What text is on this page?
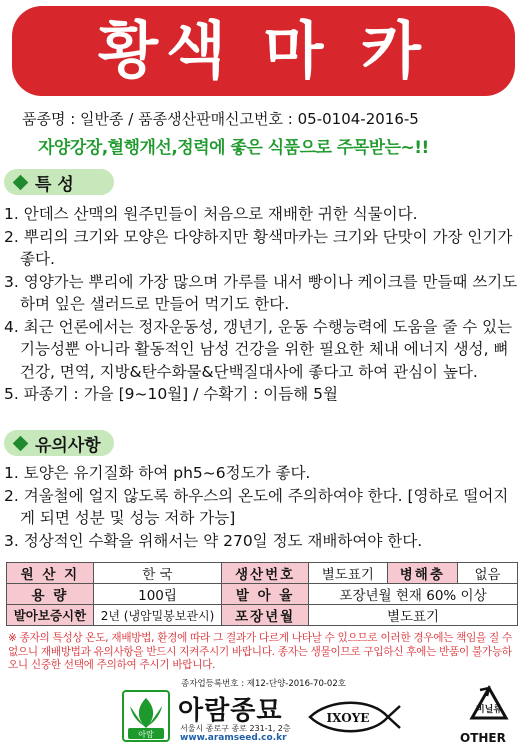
황색 마 카
품종명 : 일반종 / 품종생산판매신고번호 : 05-0104-2016-5
자양강장,혈행개선,정력에 좋은 식품으로 주목받는~!!
특 성
1. 안데스 산맥의 원주민들이 처음으로 재배한 귀한 식물이다.
2. 뿌리의 크기와 모양은 다양하지만 황색마카는 크기와 단맛이 가장 인기가 좋다.
3. 영양가는 뿌리에 가장 많으며 가루를 내서 빵이나 케이크를 만들때 쓰기도 하며 잎은 샐러드로 만들어 먹기도 한다.
4. 최근 언론에서는 정자운동성, 갱년기, 운동 수행능력에 도움을 줄 수 있는 기능성뿐 아니라 활동적인 남성 건강을 위한 필요한 체내 에너지 생성, 뼈 건강, 면역, 지방&탄수화물&단백질대사에 좋다고 하여 관심이 높다.
5. 파종기 : 가을 [9~10월] / 수확기 : 이듬해 5월
유의사항
1. 토양은 유기질화 하여 ph5~6정도가 좋다.
2. 겨울철에 얼지 않도록 하우스의 온도에 주의하여야 한다. [영하로 떨어지게 되면 성분 및 성능 저하 가능]
3. 정상적인 수확을 위해서는 약 270일 정도 재배하여야 한다.
원 산 지	한 국	생산번호	별도표기	병해충	없음
용 량	100립	발 아 율	포장년월 현재 60% 이상		
발아보증시한	2년 (냉암밀봉보관시)	포장년월	별도표기		
※ 종자의 특성상 온도, 재배방법, 환경에 따라 그 결과가 다르게 나타날 수 있으므로 이러한 경우에는 책임을 질 수 없으니 재배방법과 유의사항을 반드시 지켜주시기 바랍니다. 종자는 생물이므로 구입하신 후에는 반품이 불가능하오니 신중한 선택에 주의하여 주시기 바랍니다.
종자업등록번호 : 제12-단양-2016-70-02호
아람
아람종묘
서울시 종로구 종로 231-1, 2층
www.aramseed.co.kr
IXOYE
비닐류
OTHER
